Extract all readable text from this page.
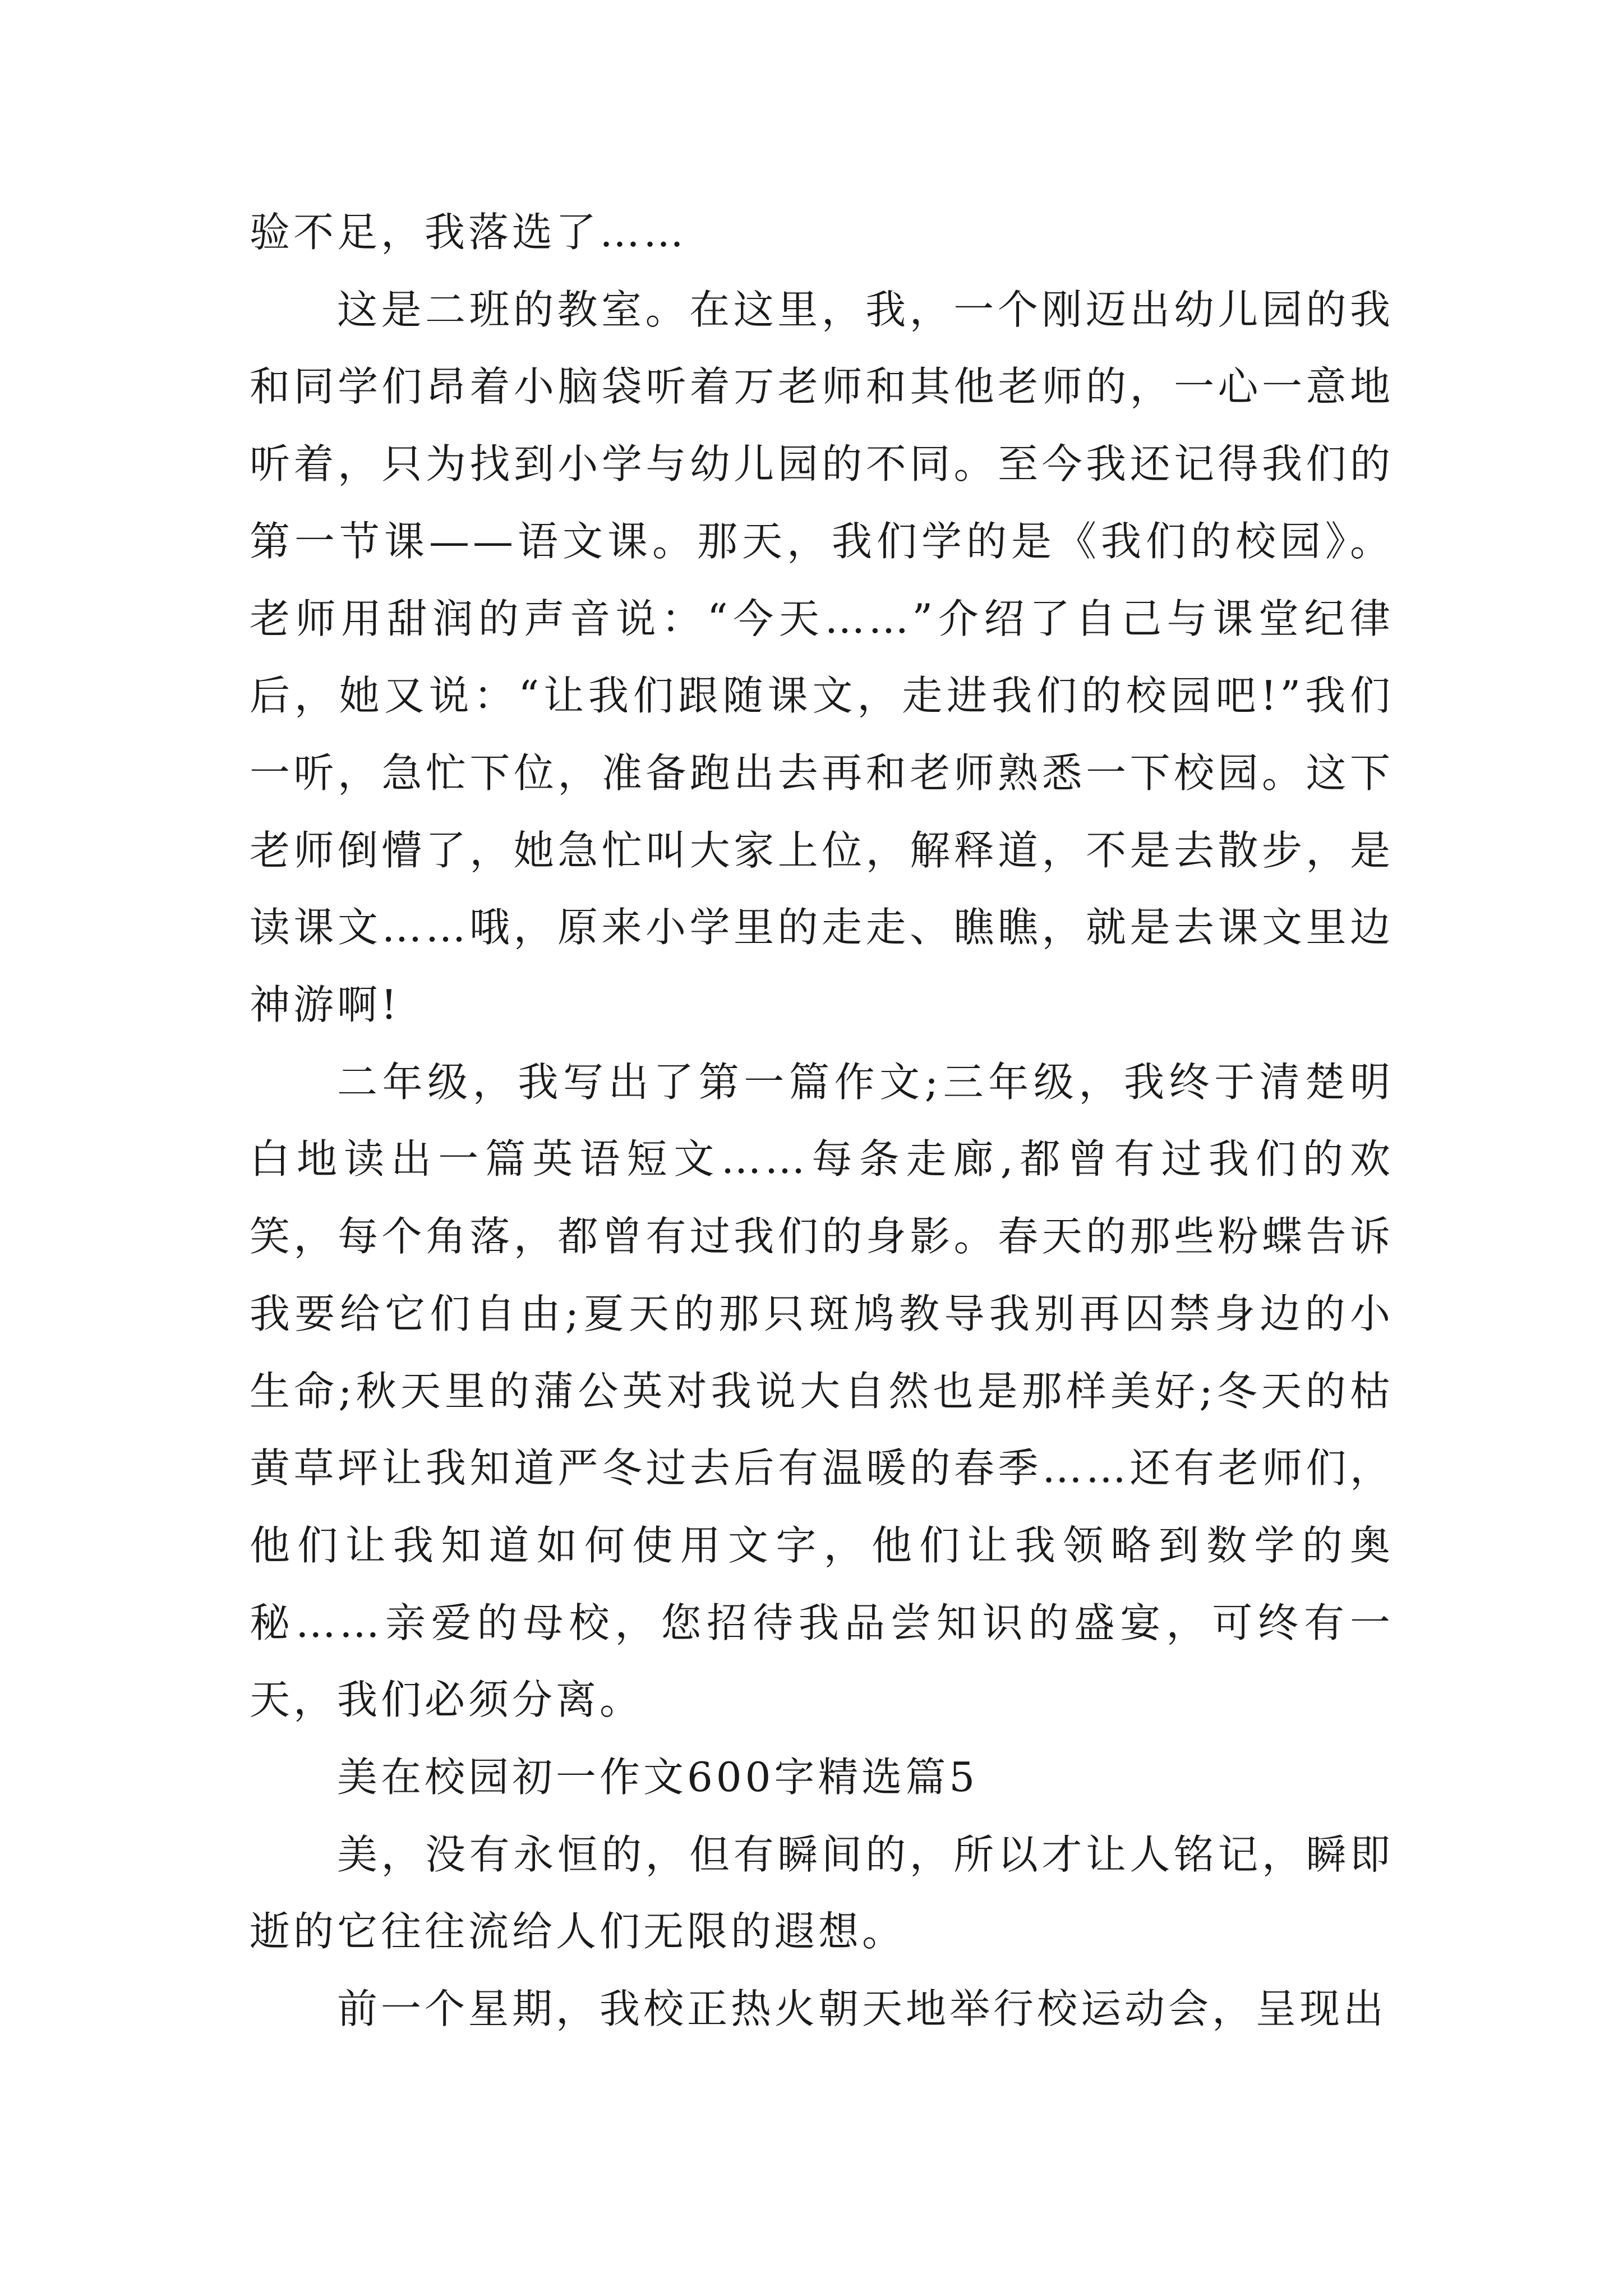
验不足，我落选了……

这是二班的教室。在这里，我，一个刚迈出幼儿园的我和同学们昂着小脑袋听着万老师和其他老师的，一心一意地听着，只为找到小学与幼儿园的不同。至今我还记得我们的第一节课——语文课。那天，我们学的是《我们的校园》。老师用甜润的声音说：“今天……”介绍了自己与课堂纪律后，她又说：“让我们跟随课文，走进我们的校园吧!”我们一听，急忙下位，准备跑出去再和老师熟悉一下校园。这下老师倒懵了，她急忙叫大家上位，解释道，不是去散步，是读课文……哦，原来小学里的走走、瞧瞧，就是去课文里边神游啊!

二年级，我写出了第一篇作文;三年级，我终于清楚明白地读出一篇英语短文……每条走廊,都曾有过我们的欢笑，每个角落，都曾有过我们的身影。春天的那些粉蝶告诉我要给它们自由;夏天的那只斑鸠教导我别再囚禁身边的小生命;秋天里的蒲公英对我说大自然也是那样美好;冬天的枯黄草坪让我知道严冬过去后有温暖的春季……还有老师们，他们让我知道如何使用文字，他们让我领略到数学的奥秘……亲爱的母校，您招待我品尝知识的盛宴，可终有一天，我们必须分离。

美在校园初一作文600字精选篇5

美，没有永恒的，但有瞬间的，所以才让人铭记，瞬即逝的它往往流给人们无限的遐想。

前一个星期，我校正热火朝天地举行校运动会，呈现出
